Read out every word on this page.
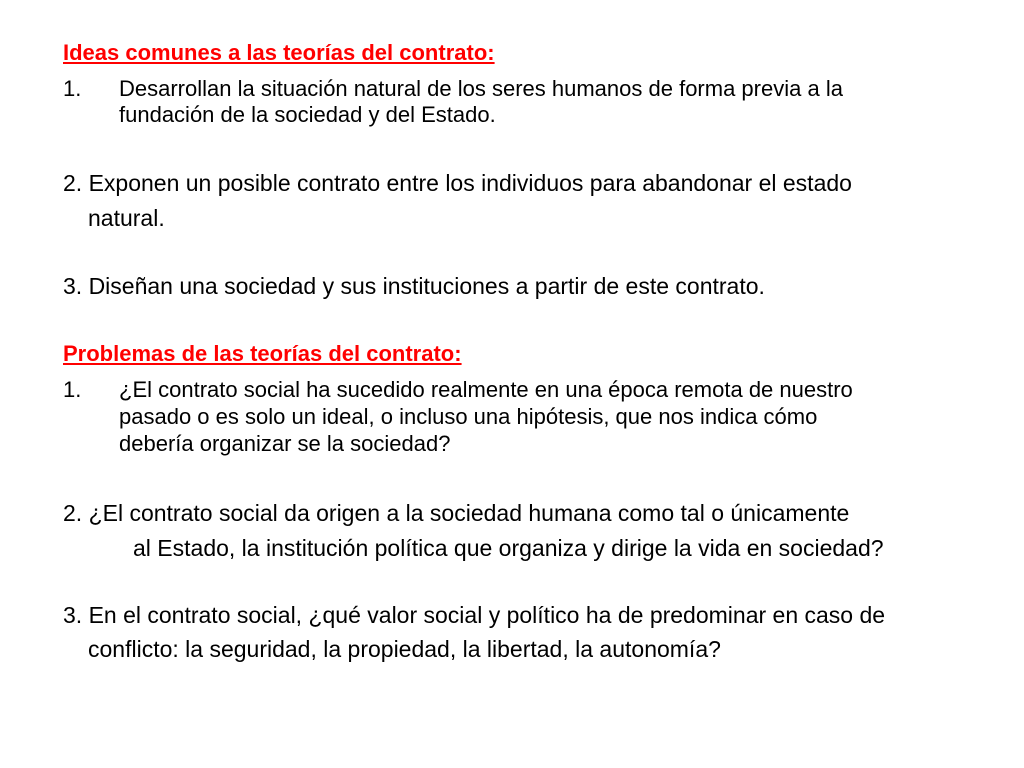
Ideas comunes a las teorías del contrato:
1. Desarrollan la situación natural de los seres humanos de forma previa a la
fundación de la sociedad y del Estado.
2. Exponen un posible contrato entre los individuos para abandonar el estado
natural.
3. Diseñan una sociedad y sus instituciones a partir de este contrato.
Problemas de las teorías del contrato:
1. ¿El contrato social ha sucedido realmente en una época remota de nuestro
pasado o es solo un ideal, o incluso una hipótesis, que nos indica cómo
debería organizar se la sociedad?
2. ¿El contrato social da origen a la sociedad humana como tal o únicamente
al Estado, la institución política que organiza y dirige la vida en sociedad?
3. En el contrato social, ¿qué valor social y político ha de predominar en caso de
conflicto: la seguridad, la propiedad, la libertad, la autonomía?
